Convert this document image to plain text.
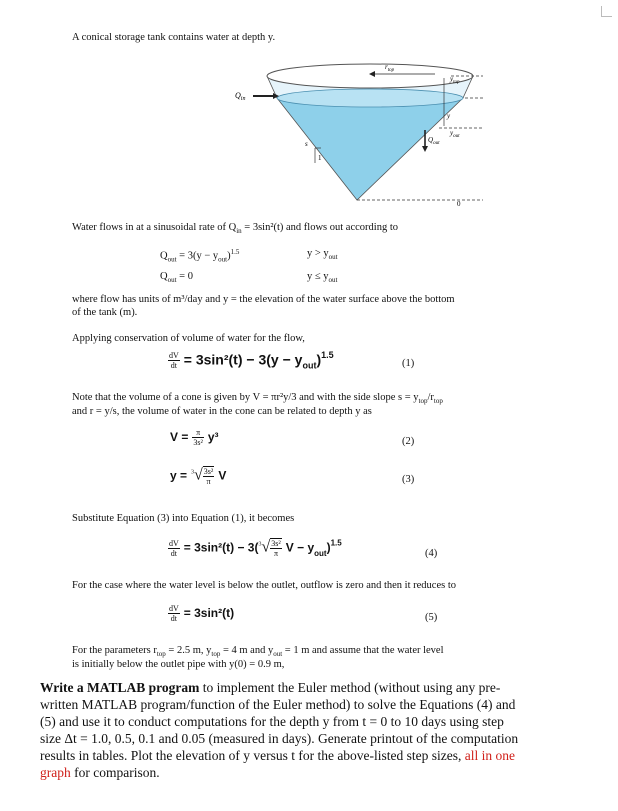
A conical storage tank contains water at depth y.
$Q_{in}$
$r_{top}$
$y_{top}$
y
$y_{out}$
$Q_{out}$
s
1
0
Water flows in at a sinusoidal rate of $Q_{in} = 3\sin^2(t)$ and flows out according to
$Q_{out} = 3(y - y_{out})^{1.5}$	$y > y_{out}$
$Q_{out} = 0$	$y \le y_{out}$
where flow has units of m³/day and y = the elevation of the water surface above the bottom
of the tank (m).
Applying conservation of volume of water for the flow,
$\frac{dV}{dt} = 3\sin^2(t) - 3(y - y_{out})^{1.5}$
(1)
Note that the volume of a cone is given by V = πr²y/3 and with the side slope $s = y_{top}/r_{top}$
and r = y/s, the volume of water in the cone can be related to depth y as
$V = \frac{\pi}{\text{3s²}} y^3$	(2)
$y = ^3√ \frac{\text{3s²}}{\pi}$ V	(3)
Substitute Equation (3) into Equation (1), it becomes
$\frac{dV}{dt} = 3\sin^2(t) - 3(^3√ \frac{\text{3s²}}{\pi}$ $V - y_{out})^{1.5}$
(4)
For the case where the water level is below the outlet, outflow is zero and then it reduces to
$\frac{dV}{dt} = 3\sin^2(t)$	(5)
For the parameters $r_{top} = 2.5$ m, $y_{top} = 4$ m and $y_{out} = 1$ m and assume that the water level
is initially below the outlet pipe with y(0) = 0.9 m,
Write a MATLAB program to implement the Euler method (without using any pre-
written MATLAB program/function of the Euler method) to solve the Equations (4) and
(5) and use it to conduct computations for the depth y from t = 0 to 10 days using step
size Δt = 1.0, 0.5, 0.1 and 0.05 (measured in days). Generate printout of the computation
results in tables. Plot the elevation of y versus t for the above-listed step sizes, all in one
graph for comparison.
